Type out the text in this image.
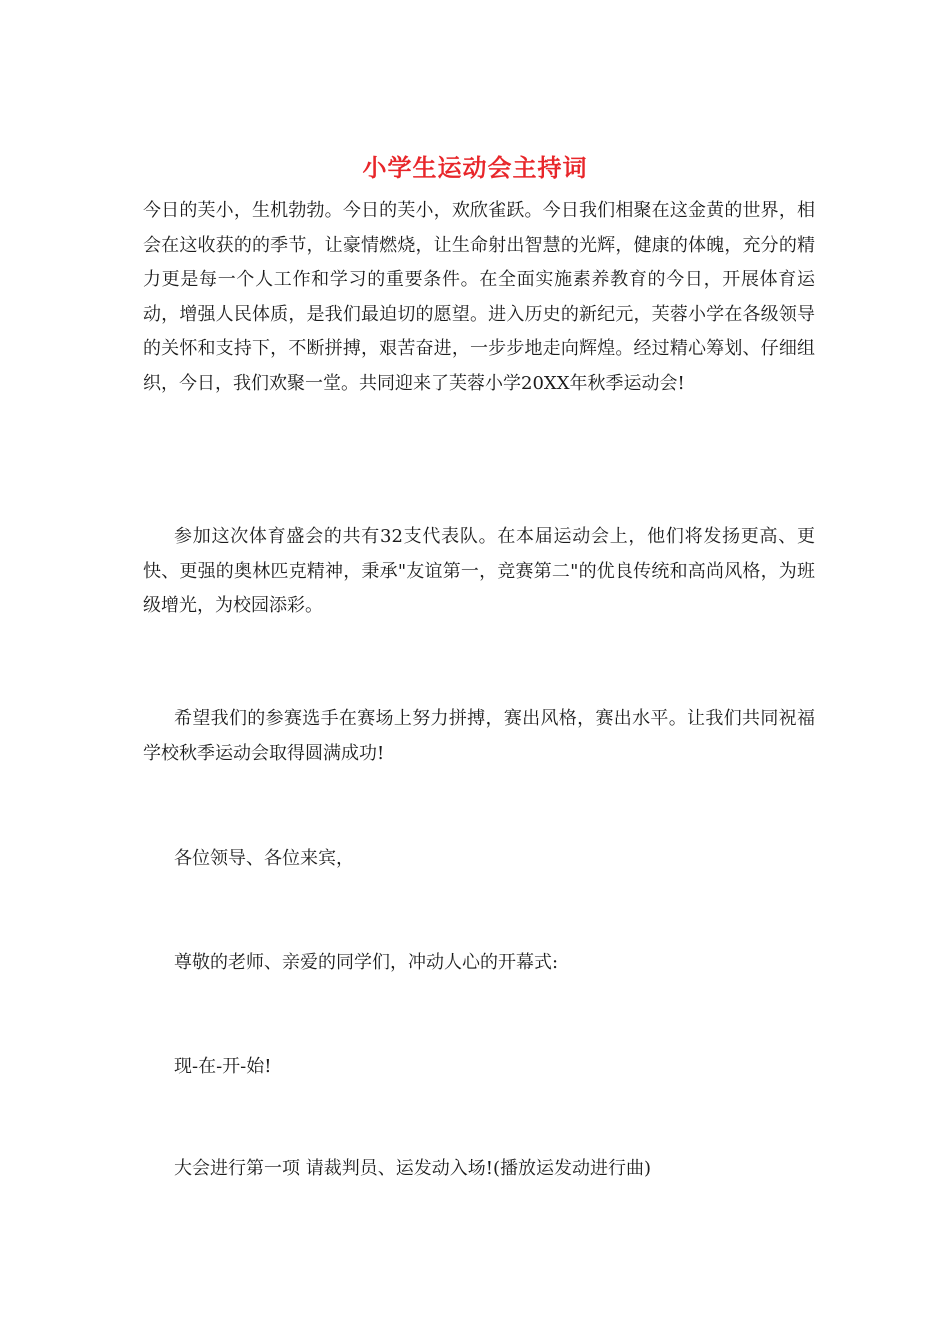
小学生运动会主持词

今日的芙小，生机勃勃。今日的芙小，欢欣雀跃。今日我们相聚在这金黄的世界，相会在这收获的的季节，让豪情燃烧，让生命射出智慧的光辉，健康的体魄，充分的精力更是每一个人工作和学习的重要条件。在全面实施素养教育的今日，开展体育运动，增强人民体质，是我们最迫切的愿望。进入历史的新纪元，芙蓉小学在各级领导的关怀和支持下，不断拼搏，艰苦奋进，一步步地走向辉煌。经过精心筹划、仔细组织，今日，我们欢聚一堂。共同迎来了芙蓉小学20XX年秋季运动会!

参加这次体育盛会的共有32支代表队。在本届运动会上，他们将发扬更高、更快、更强的奥林匹克精神，秉承"友谊第一，竞赛第二"的优良传统和高尚风格，为班级增光，为校园添彩。

希望我们的参赛选手在赛场上努力拼搏，赛出风格，赛出水平。让我们共同祝福学校秋季运动会取得圆满成功!

各位领导、各位来宾，

尊敬的老师、亲爱的同学们，冲动人心的开幕式:

现-在-开-始!

大会进行第一项 请裁判员、运发动入场!(播放运发动进行曲)
